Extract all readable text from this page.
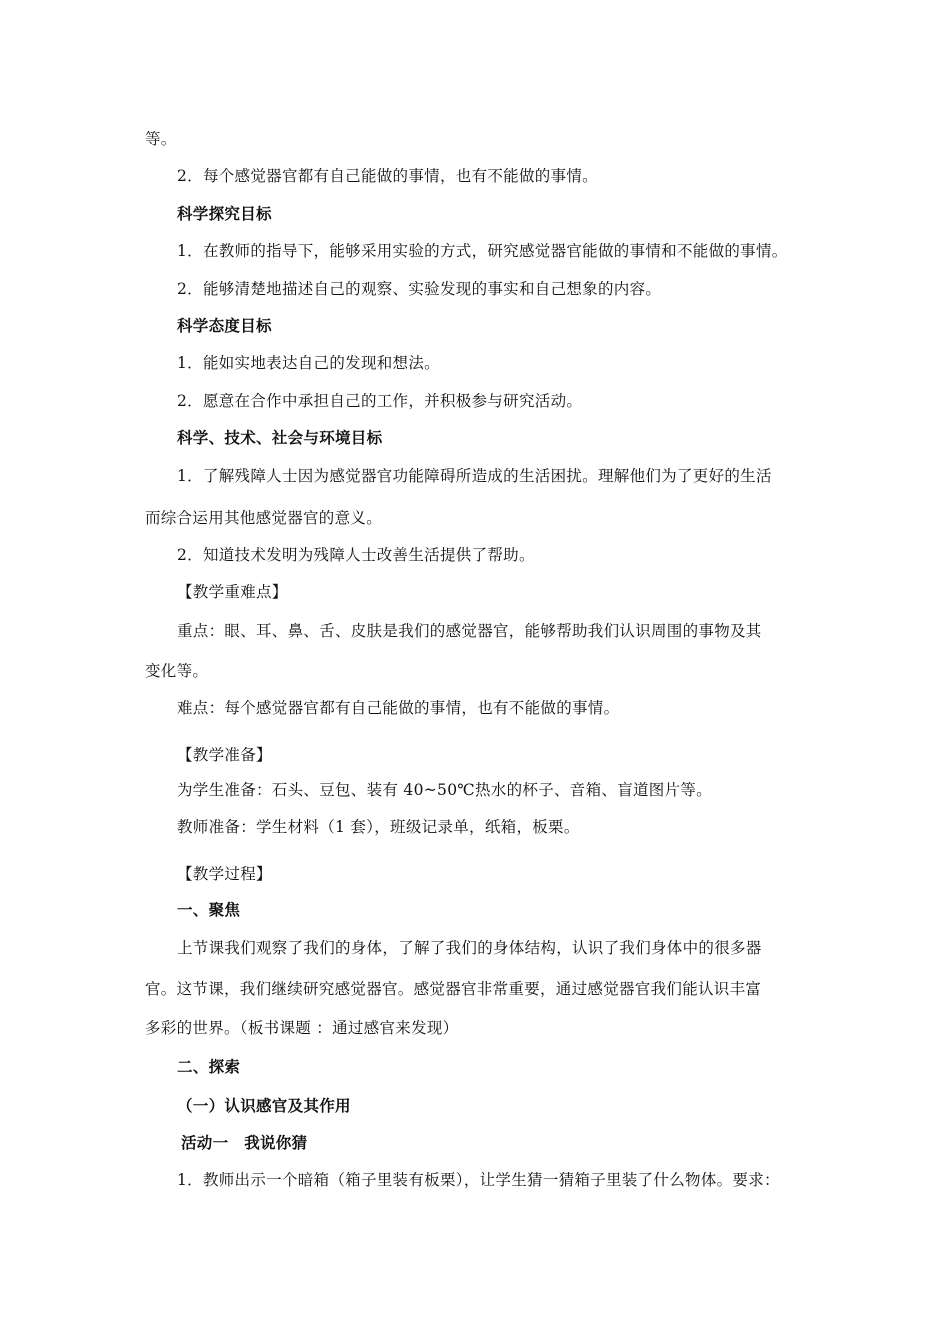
等。

2．每个感觉器官都有自己能做的事情，也有不能做的事情。

科学探究目标

1．在教师的指导下，能够采用实验的方式，研究感觉器官能做的事情和不能做的事情。

2．能够清楚地描述自己的观察、实验发现的事实和自己想象的内容。

科学态度目标

1．能如实地表达自己的发现和想法。

2．愿意在合作中承担自己的工作，并积极参与研究活动。

科学、技术、社会与环境目标

1．了解残障人士因为感觉器官功能障碍所造成的生活困扰。理解他们为了更好的生活

而综合运用其他感觉器官的意义。

2．知道技术发明为残障人士改善生活提供了帮助。

【教学重难点】

重点：眼、耳、鼻、舌、皮肤是我们的感觉器官，能够帮助我们认识周围的事物及其

变化等。

难点：每个感觉器官都有自己能做的事情，也有不能做的事情。

【教学准备】

为学生准备：石头、豆包、装有 40~50℃热水的杯子、音箱、盲道图片等。

教师准备：学生材料（1 套），班级记录单，纸箱，板栗。

【教学过程】

一、聚焦

上节课我们观察了我们的身体，了解了我们的身体结构，认识了我们身体中的很多器

官。这节课，我们继续研究感觉器官。感觉器官非常重要，通过感觉器官我们能认识丰富

多彩的世界。（板书课题 ：通过感官来发现）

二、探索

（一）认识感官及其作用

活动一　我说你猜

1．教师出示一个暗箱（箱子里装有板栗），让学生猜一猜箱子里装了什么物体。要求：
